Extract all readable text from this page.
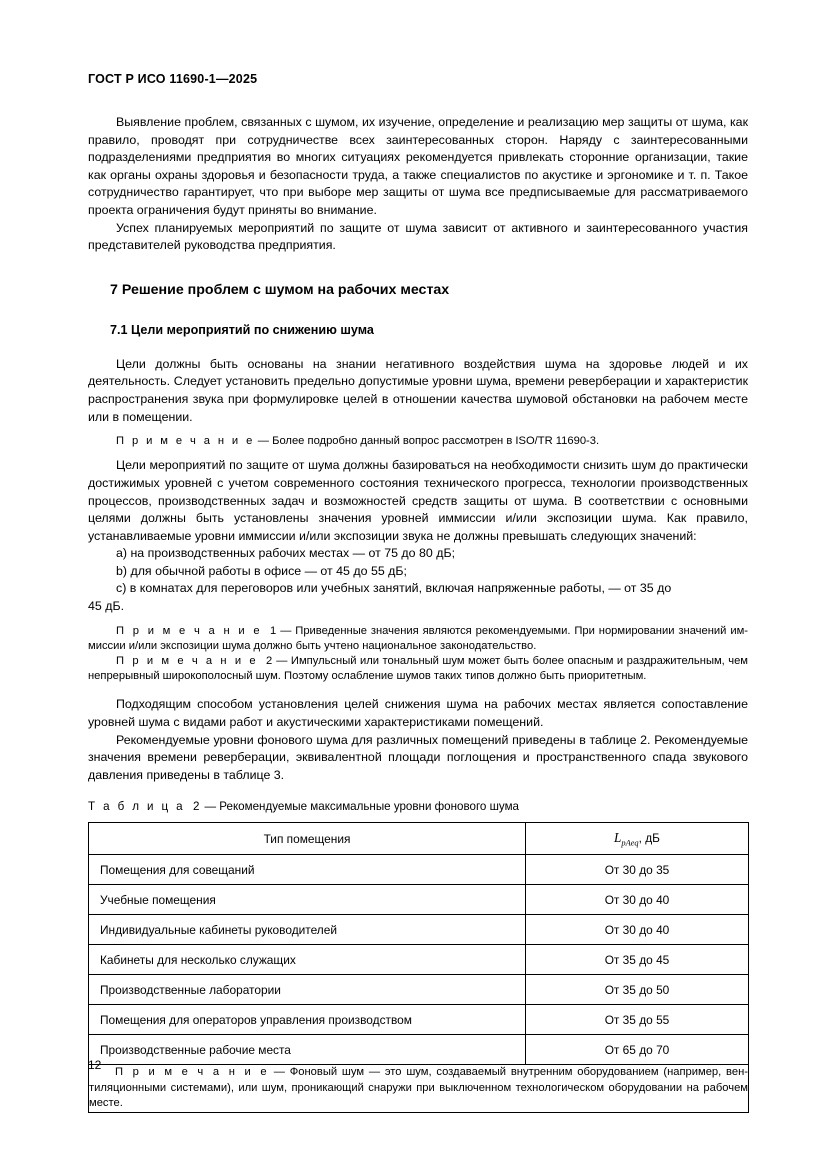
ГОСТ Р ИСО 11690-1—2025

Выявление проблем, связанных с шумом, их изучение, определение и реализацию мер защиты от шума, как правило, проводят при сотрудничестве всех заинтересованных сторон. Наряду с заинтересованными подразделениями предприятия во многих ситуациях рекомендуется привлекать сторонние организации, такие как органы охраны здоровья и безопасности труда, а также специалистов по акустике и эргономике и т. п. Такое сотрудничество гарантирует, что при выборе мер защиты от шума все предписываемые для рассматриваемого проекта ограничения будут приняты во внимание.

Успех планируемых мероприятий по защите от шума зависит от активного и заинтересованного участия представителей руководства предприятия.

7 Решение проблем с шумом на рабочих местах
7.1 Цели мероприятий по снижению шума

Цели должны быть основаны на знании негативного воздействия шума на здоровье людей и их деятельность. Следует установить предельно допустимые уровни шума, времени реверберации и характеристик распространения звука при формулировке целей в отношении качества шумовой обстановки на рабочем месте или в помещении.

П р и м е ч а н и е — Более подробно данный вопрос рассмотрен в ISO/TR 11690-3.

Цели мероприятий по защите от шума должны базироваться на необходимости снизить шум до практически достижимых уровней с учетом современного состояния технического прогресса, технологии производственных процессов, производственных задач и возможностей средств защиты от шума. В соответствии с основными целями должны быть установлены значения уровней иммиссии и/или экспозиции шума. Как правило, устанавливаемые уровни иммиссии и/или экспозиции звука не должны превышать следующих значений:

a) на производственных рабочих местах — от 75 до 80 дБ;

b) для обычной работы в офисе — от 45 до 55 дБ;

c) в комнатах для переговоров или учебных занятий, включая напряженные работы, — от 35 до

45 дБ.

П р и м е ч а н и е 1 — Приведенные значения являются рекомендуемыми. При нормировании значений иммиссии и/или экспозиции шума должно быть учтено национальное законодательство.

П р и м е ч а н и е 2 — Импульсный или тональный шум может быть более опасным и раздражительным, чем непрерывный широкополосный шум. Поэтому ослабление шумов таких типов должно быть приоритетным.

Подходящим способом установления целей снижения шума на рабочих местах является сопоставление уровней шума с видами работ и акустическими характеристиками помещений.

Рекомендуемые уровни фонового шума для различных помещений приведены в таблице 2. Рекомендуемые значения времени реверберации, эквивалентной площади поглощения и пространственного спада звукового давления приведены в таблице 3.

Т а б л и ц а 2 — Рекомендуемые максимальные уровни фонового шума
Тип помещения	$L_{pAeq}$, дБ
Помещения для совещаний	От 30 до 35
Учебные помещения	От 30 до 40
Индивидуальные кабинеты руководителей	От 30 до 40
Кабинеты для несколько служащих	От 35 до 45
Производственные лаборатории	От 35 до 50
Помещения для операторов управления производством	От 35 до 55
Производственные рабочие места	От 65 до 70

П р и м е ч а н и е — Фоновый шум — это шум, создаваемый внутренним оборудованием (например, вентиляционными системами), или шум, проникающий снаружи при выключенном технологическом оборудовании на рабочем месте.	

12
